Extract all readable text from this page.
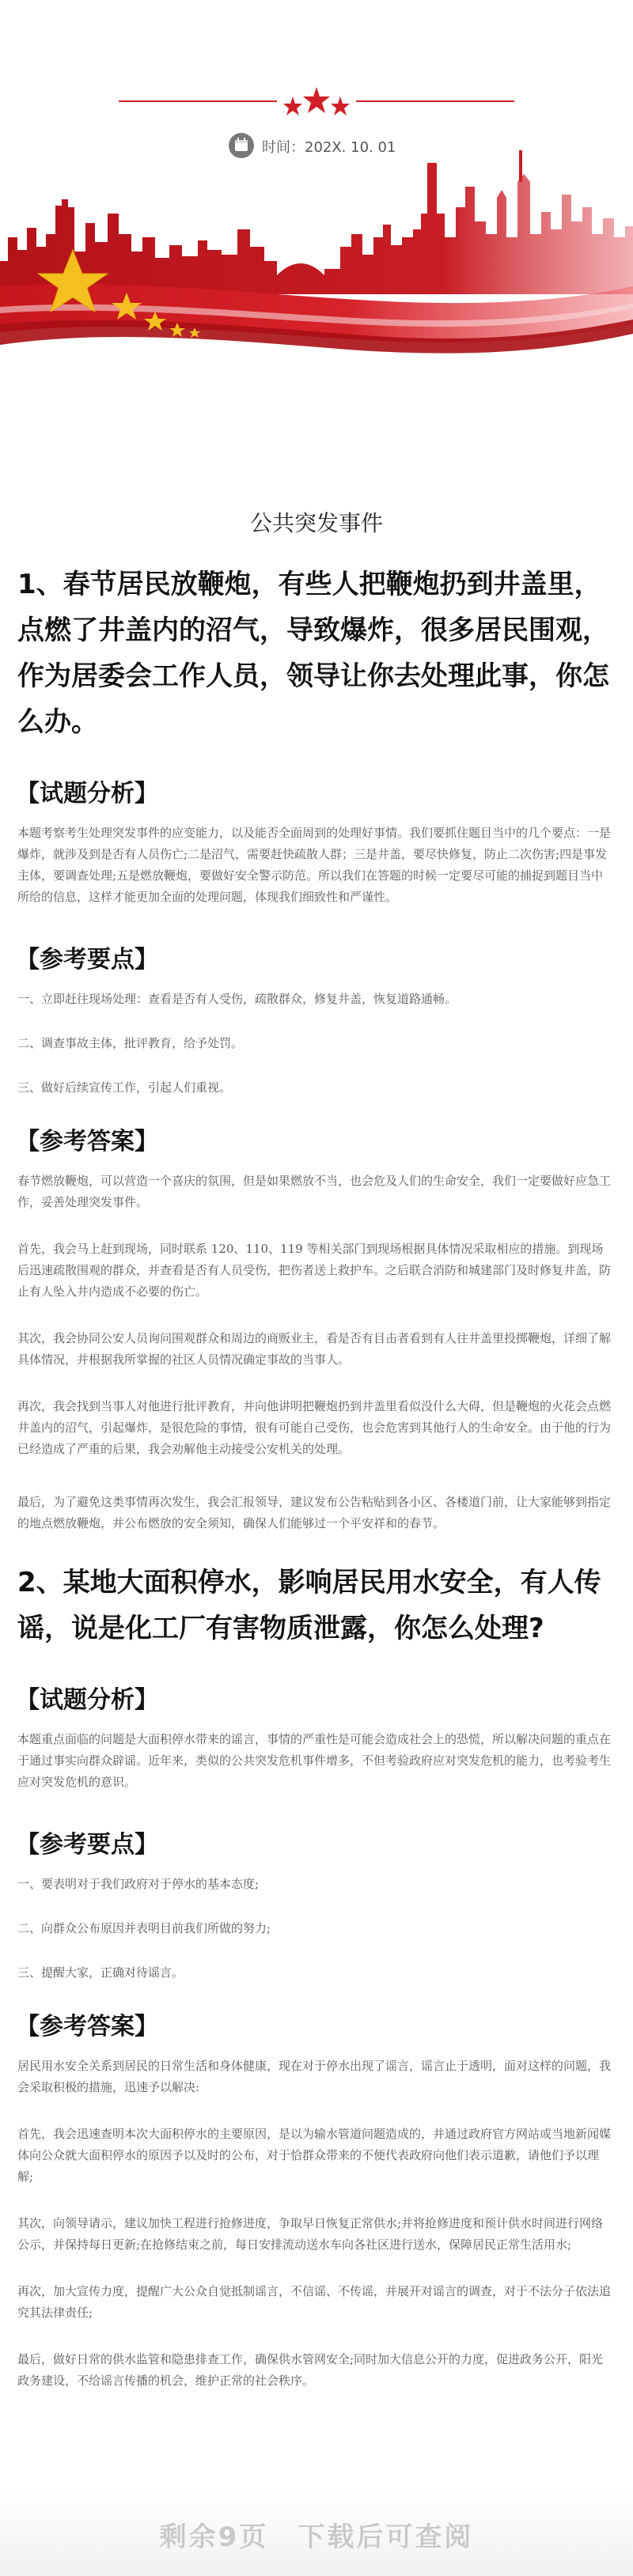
时间：202X. 10. 01
公共突发事件
1、春节居民放鞭炮，有些人把鞭炮扔到井盖里，点燃了井盖内的沼气，导致爆炸，很多居民围观，作为居委会工作人员，领导让你去处理此事，你怎么办。
【试题分析】
本题考察考生处理突发事件的应变能力，以及能否全面周到的处理好事情。我们要抓住题目当中的几个要点：一是爆炸，就涉及到是否有人员伤亡;二是沼气，需要赶快疏散人群；三是井盖，要尽快修复，防止二次伤害;四是事发主体，要调查处理;五是燃放鞭炮，要做好安全警示防范。所以我们在答题的时候一定要尽可能的捕捉到题目当中所给的信息，这样才能更加全面的处理问题，体现我们细致性和严谨性。
【参考要点】
一、立即赶往现场处理：查看是否有人受伤，疏散群众，修复井盖，恢复道路通畅。
二、调查事故主体，批评教育，给予处罚。
三、做好后续宣传工作，引起人们重视。
【参考答案】
春节燃放鞭炮，可以营造一个喜庆的氛围，但是如果燃放不当，也会危及人们的生命安全，我们一定要做好应急工作，妥善处理突发事件。
首先，我会马上赶到现场，同时联系 120、110、119 等相关部门到现场根据具体情况采取相应的措施。到现场后迅速疏散围观的群众，并查看是否有人员受伤，把伤者送上救护车。之后联合消防和城建部门及时修复井盖，防止有人坠入井内造成不必要的伤亡。
其次，我会协同公安人员询问围观群众和周边的商贩业主，看是否有目击者看到有人往井盖里投掷鞭炮，详细了解具体情况，并根据我所掌握的社区人员情况确定事故的当事人。
再次，我会找到当事人对他进行批评教育，并向他讲明把鞭炮扔到井盖里看似没什么大碍，但是鞭炮的火花会点燃井盖内的沼气，引起爆炸，是很危险的事情，很有可能自己受伤，也会危害到其他行人的生命安全。由于他的行为已经造成了严重的后果，我会劝解他主动接受公安机关的处理。
最后，为了避免这类事情再次发生，我会汇报领导，建议发布公告粘贴到各小区、各楼道门前，让大家能够到指定的地点燃放鞭炮，并公布燃放的安全须知，确保人们能够过一个平安祥和的春节。
2、某地大面积停水，影响居民用水安全，有人传谣，说是化工厂有害物质泄露，你怎么处理?
【试题分析】
本题重点面临的问题是大面积停水带来的谣言，事情的严重性是可能会造成社会上的恐慌，所以解决问题的重点在于通过事实向群众辟谣。近年来，类似的公共突发危机事件增多，不但考验政府应对突发危机的能力，也考验考生应对突发危机的意识。
【参考要点】
一、要表明对于我们政府对于停水的基本态度;
二、向群众公布原因并表明目前我们所做的努力;
三、提醒大家，正确对待谣言。
【参考答案】
居民用水安全关系到居民的日常生活和身体健康，现在对于停水出现了谣言，谣言止于透明，面对这样的问题，我会采取积极的措施，迅速予以解决:
首先，我会迅速查明本次大面积停水的主要原因，是以为输水管道问题造成的，并通过政府官方网站或当地新闻媒体向公众就大面积停水的原因予以及时的公布，对于恰群众带来的不便代表政府向他们表示道歉，请他们予以理解;
其次，向领导请示，建议加快工程进行抢修进度，争取早日恢复正常供水;并将抢修进度和预计供水时间进行网络公示，并保持每日更新;在抢修结束之前，每日安排流动送水车向各社区进行送水，保障居民正常生活用水;
再次，加大宣传力度，提醒广大公众自觉抵制谣言，不信谣、不传谣，并展开对谣言的调查，对于不法分子依法追究其法律责任;
最后，做好日常的供水监管和隐患排查工作，确保供水管网安全;同时加大信息公开的力度，促进政务公开，阳光政务建设，不给谣言传播的机会，维护正常的社会秩序。
剩余9页　下载后可查阅
